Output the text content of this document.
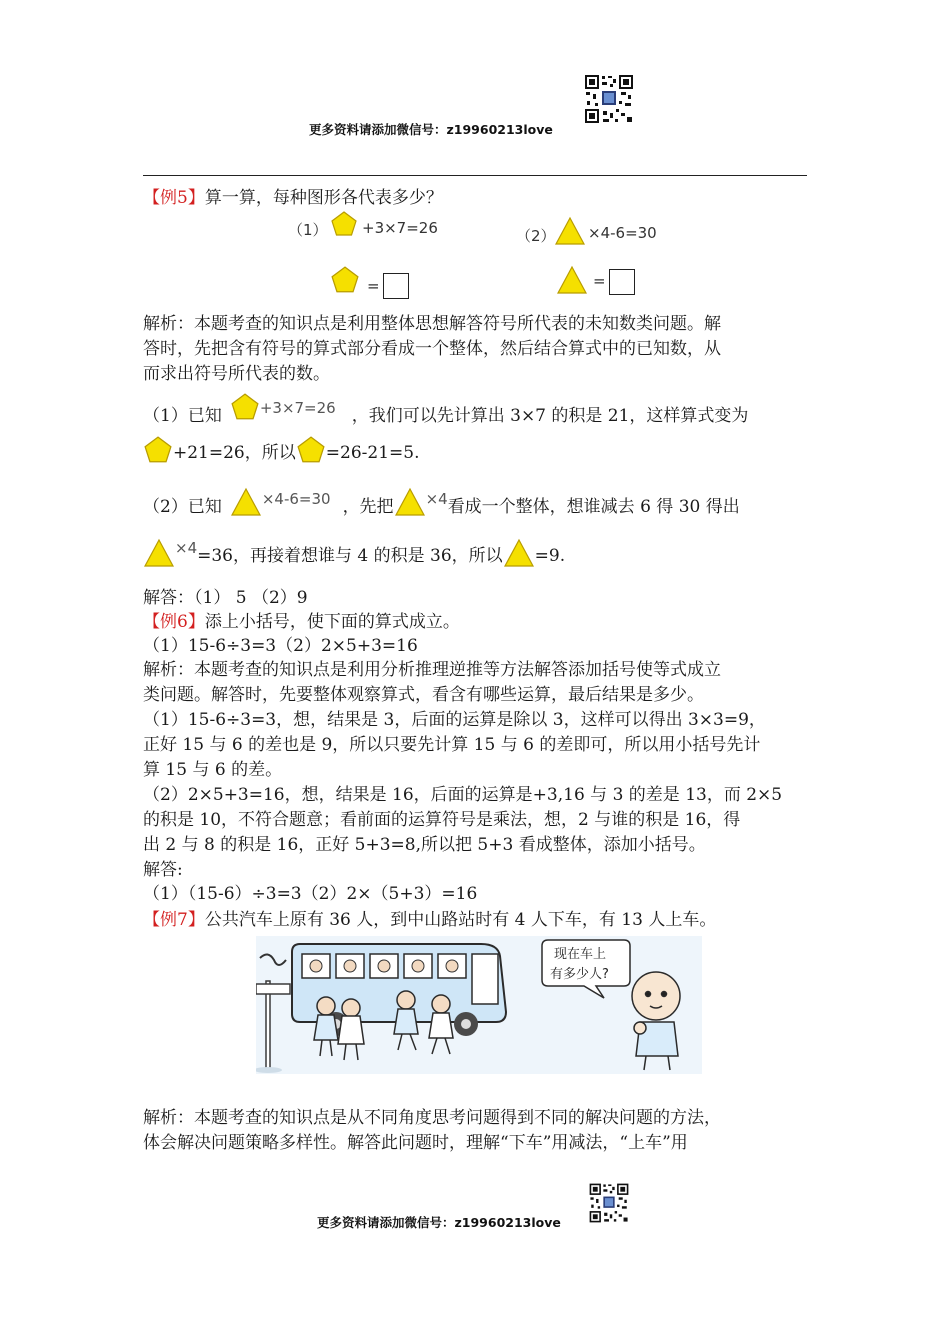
更多资料请添加微信号：z19960213love
【例5】算一算，每种图形各代表多少？
（1） +3×7=26	（2） ×4-6=30
=	=
解析：本题考查的知识点是利用整体思想解答符号所代表的未知数类问题。解
答时，先把含有符号的算式部分看成一个整体，然后结合算式中的已知数，从
而求出符号所代表的数。
（1）已知	+3×7=26 ，我们可以先计算出 3×7 的积是 21，这样算式变为
+21=26，所以 =26-21=5.
（2）已知	×4-6=30 ，先把 ×4 看成一个整体，想谁减去 6 得 30 得出
×4 =36，再接着想谁与 4 的积是 36，所以 =9.
解答：（1） 5 （2）9
【例6】添上小括号，使下面的算式成立。
（1）15-6÷3=3（2）2×5+3=16
解析：本题考查的知识点是利用分析推理逆推等方法解答添加括号使等式成立
类问题。解答时，先要整体观察算式，看含有哪些运算，最后结果是多少。
（1）15-6÷3=3，想，结果是 3，后面的运算是除以 3，这样可以得出 3×3=9，
正好 15 与 6 的差也是 9，所以只要先计算 15 与 6 的差即可，所以用小括号先计
算 15 与 6 的差。
（2）2×5+3=16，想，结果是 16，后面的运算是+3,16 与 3 的差是 13，而 2×5
的积是 10，不符合题意；看前面的运算符号是乘法，想，2 与谁的积是 16，得
出 2 与 8 的积是 16，正好 5+3=8,所以把 5+3 看成整体，添加小括号。
解答:
（1）（15-6）÷3=3（2）2×（5+3）=16
【例7】公共汽车上原有 36 人，到中山路站时有 4 人下车，有 13 人上车。
现在车上
有多少人?
解析：本题考查的知识点是从不同角度思考问题得到不同的解决问题的方法，
体会解决问题策略多样性。解答此问题时，理解“下车”用减法，“上车”用
更多资料请添加微信号：z19960213love
